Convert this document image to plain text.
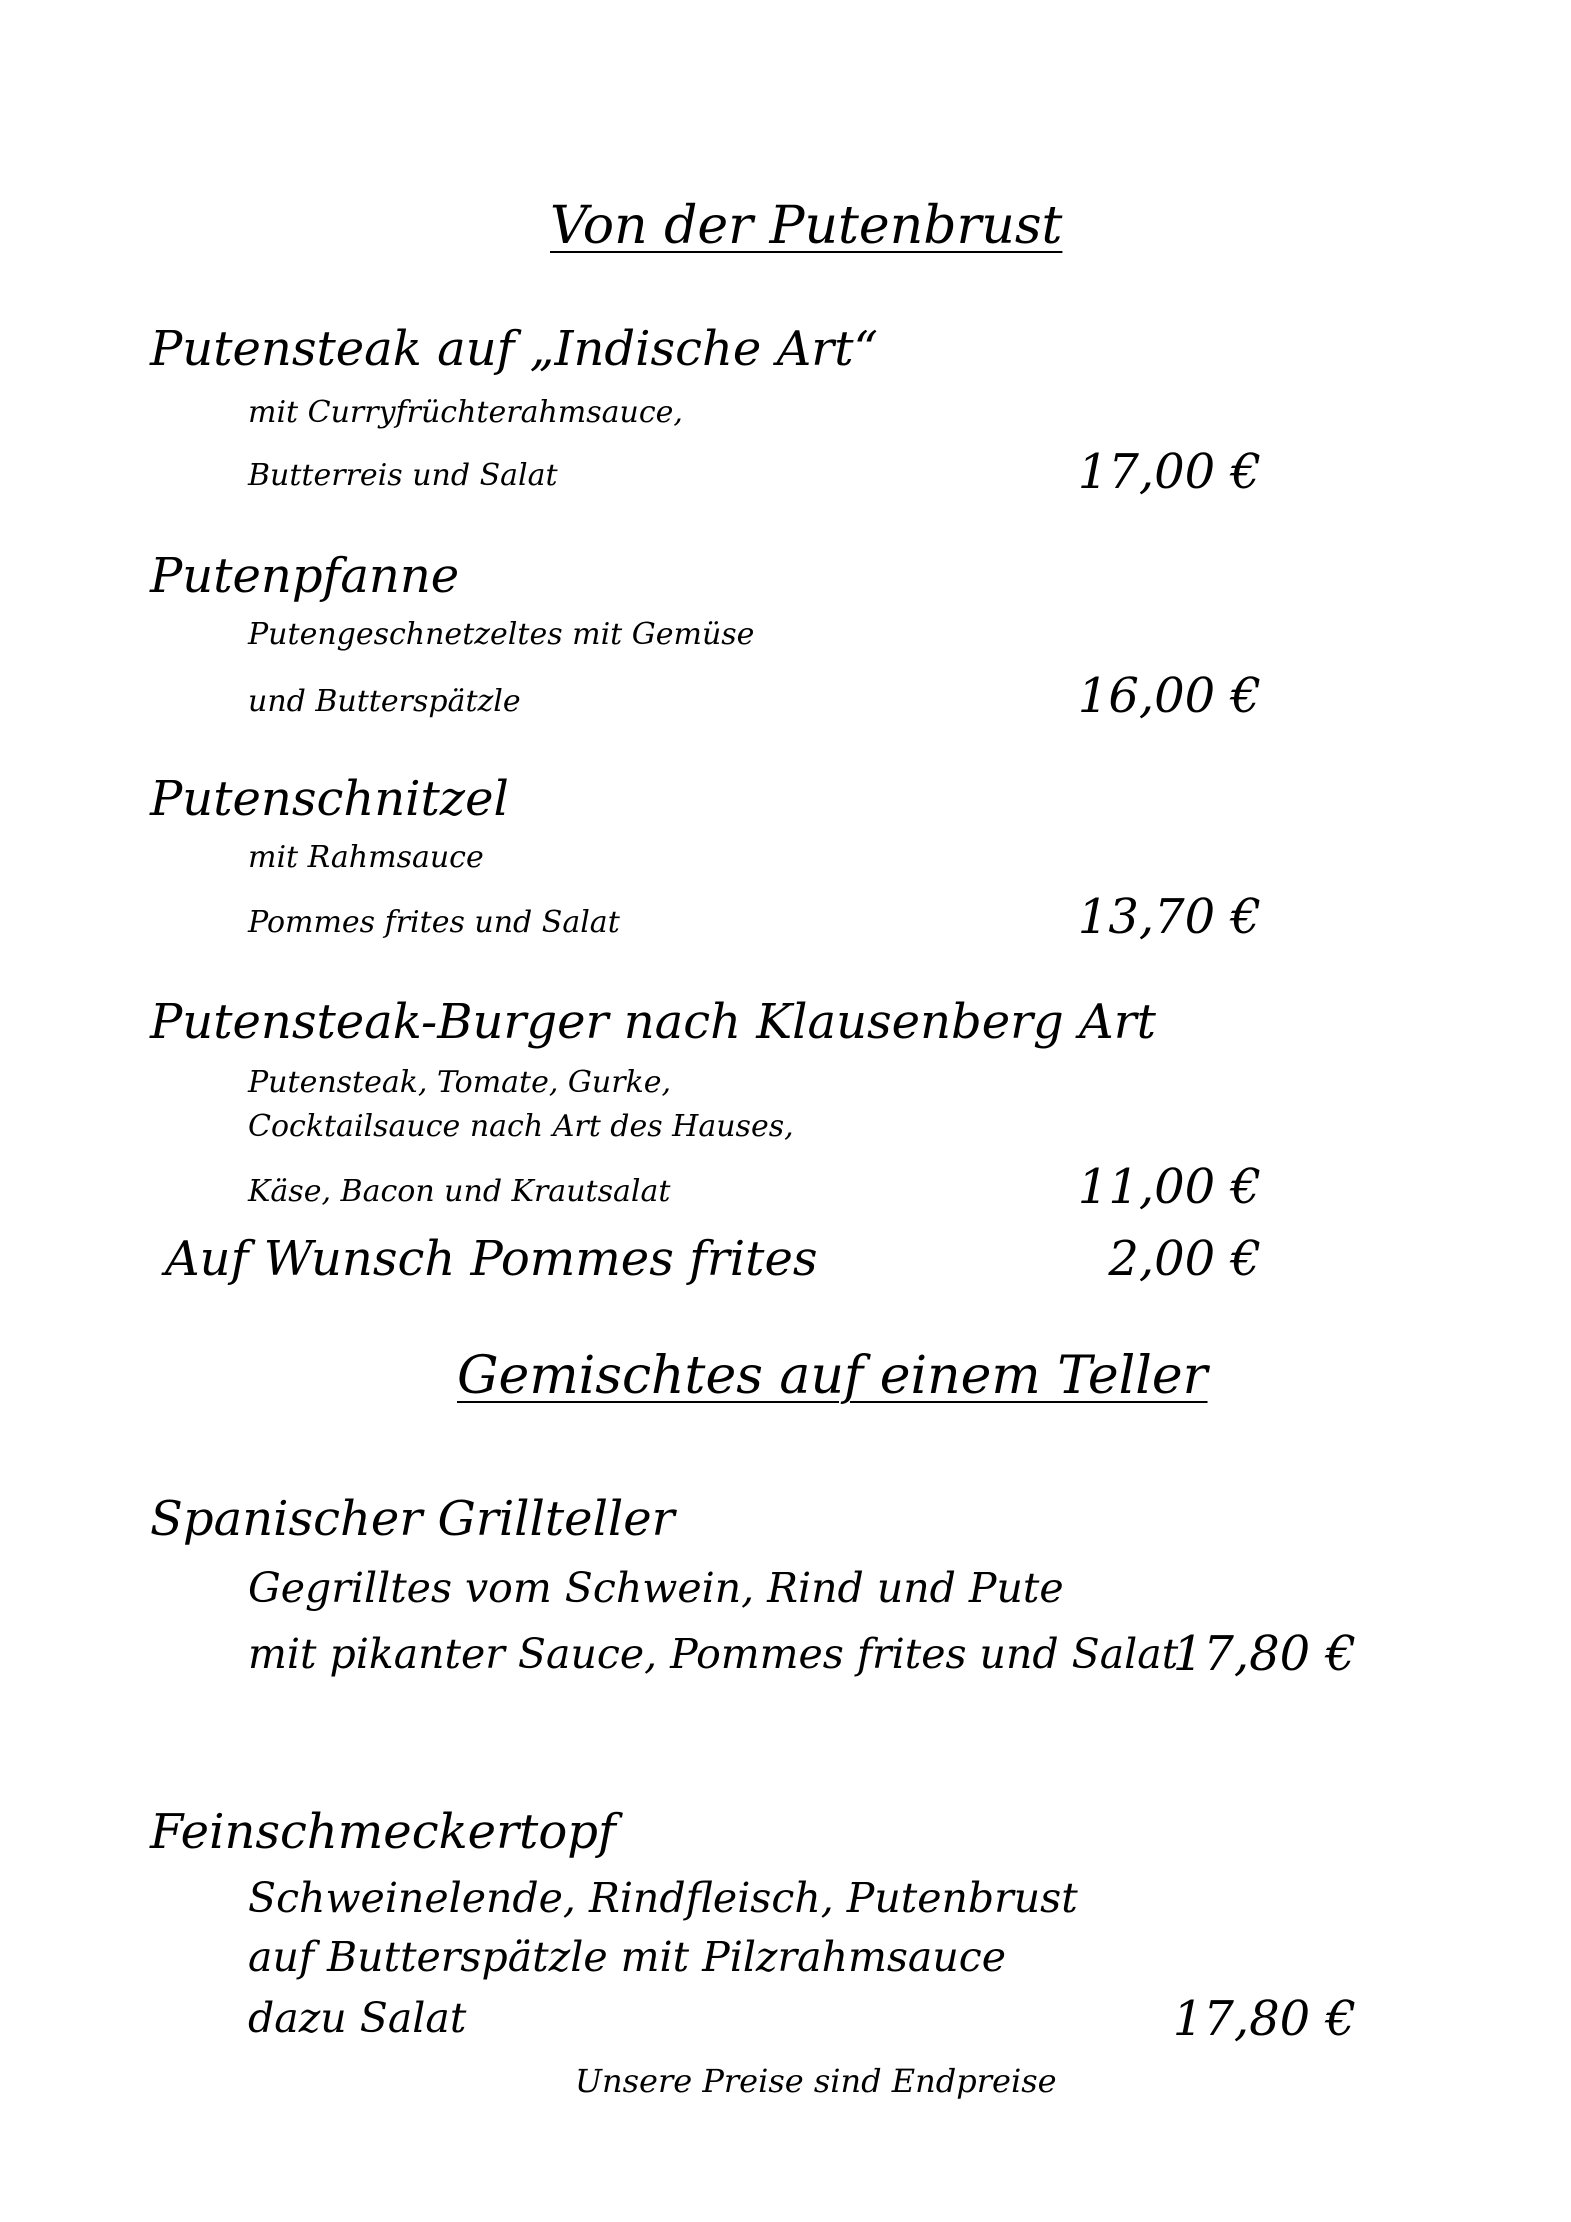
Von der Putenbrust
Putensteak auf „Indische Art“
mit Curryfrüchterahmsauce,
Butterreis und Salat	17,00 €
Putenpfanne
Putengeschnetzeltes mit Gemüse
und Butterspätzle	16,00 €
Putenschnitzel
mit Rahmsauce
Pommes frites und Salat	13,70 €
Putensteak-Burger nach Klausenberg Art
Putensteak, Tomate, Gurke,
Cocktailsauce nach Art des Hauses,
Käse, Bacon und Krautsalat	11,00 €
Auf Wunsch Pommes frites	2,00 €
Gemischtes auf einem Teller
Spanischer Grillteller
Gegrilltes vom Schwein, Rind und Pute
mit pikanter Sauce, Pommes frites und Salat
17,80 €
Feinschmeckertopf
Schweinelende, Rindfleisch, Putenbrust
auf Butterspätzle mit Pilzrahmsauce
dazu Salat	17,80 €
Unsere Preise sind Endpreise
